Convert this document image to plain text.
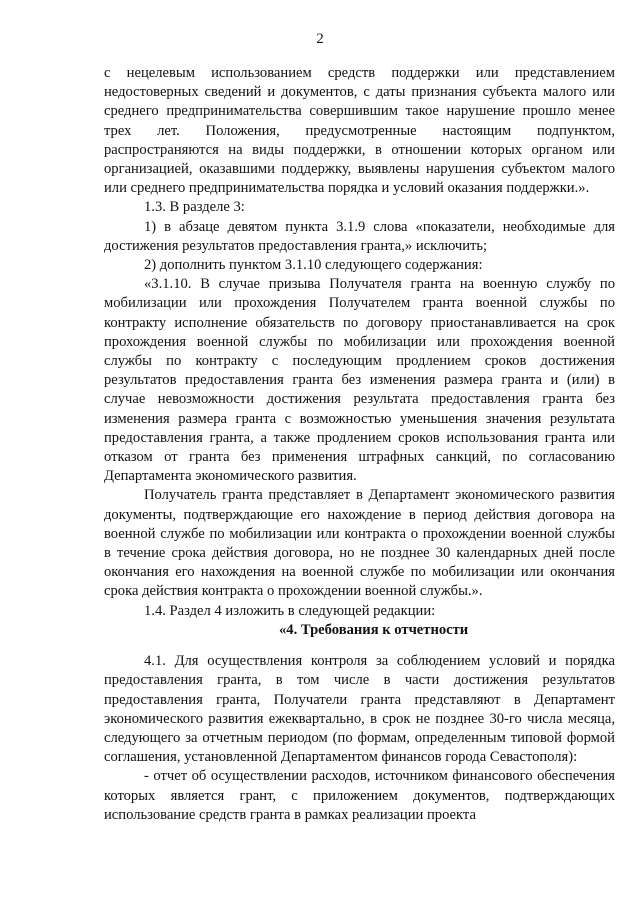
2

с нецелевым использованием средств поддержки или представлением недостоверных сведений и документов, с даты признания субъекта малого или среднего предпринимательства совершившим такое нарушение прошло менее трех лет. Положения, предусмотренные настоящим подпунктом, распространяются на виды поддержки, в отношении которых органом или организацией, оказавшими поддержку, выявлены нарушения субъектом малого или среднего предпринимательства порядка и условий оказания поддержки.».

1.3. В разделе 3:

1) в абзаце девятом пункта 3.1.9 слова «показатели, необходимые для достижения результатов предоставления гранта,» исключить;

2) дополнить пунктом 3.1.10 следующего содержания:

«3.1.10. В случае призыва Получателя гранта на военную службу по мобилизации или прохождения Получателем гранта военной службы по контракту исполнение обязательств по договору приостанавливается на срок прохождения военной службы по мобилизации или прохождения военной службы по контракту с последующим продлением сроков достижения результатов предоставления гранта без изменения размера гранта и (или) в случае невозможности достижения результата предоставления гранта без изменения размера гранта с возможностью уменьшения значения результата предоставления гранта, а также продлением сроков использования гранта или отказом от гранта без применения штрафных санкций, по согласованию Департамента экономического развития.

Получатель гранта представляет в Департамент экономического развития документы, подтверждающие его нахождение в период действия договора на военной службе по мобилизации или контракта о прохождении военной службы в течение срока действия договора, но не позднее 30 календарных дней после окончания его нахождения на военной службе по мобилизации или окончания срока действия контракта о прохождении военной службы.».

1.4. Раздел 4 изложить в следующей редакции:

«4. Требования к отчетности

4.1. Для осуществления контроля за соблюдением условий и порядка предоставления гранта, в том числе в части достижения результатов предоставления гранта, Получатели гранта представляют в Департамент экономического развития ежеквартально, в срок не позднее 30-го числа месяца, следующего за отчетным периодом (по формам, определенным типовой формой соглашения, установленной Департаментом финансов города Севастополя):

- отчет об осуществлении расходов, источником финансового обеспечения которых является грант, с приложением документов, подтверждающих использование средств гранта в рамках реализации проекта
